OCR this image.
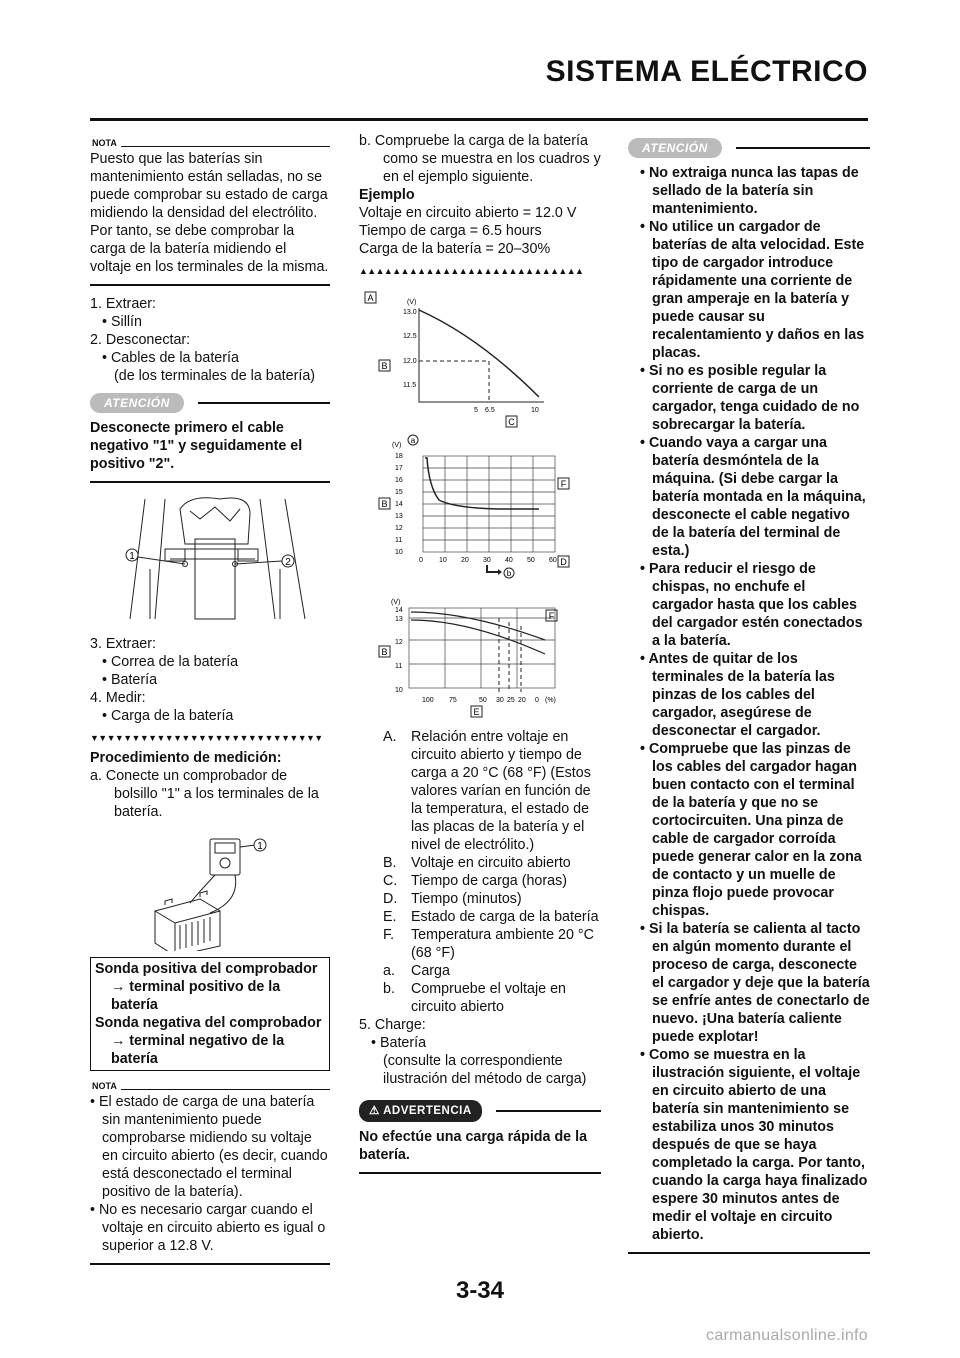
SISTEMA ELÉCTRICO
NOTA

Puesto que las baterías sin mantenimiento están selladas, no se puede comprobar su estado de carga midiendo la densidad del electrólito. Por tanto, se debe comprobar la carga de la batería midiendo el voltaje en los terminales de la misma.

1. Extraer:

• Sillín

2. Desconectar:

• Cables de la batería

(de los terminales de la batería)

ATENCIÓN

Desconecte primero el cable negativo "1" y seguidamente el positivo "2".

1
2

3. Extraer:

• Correa de la batería

• Batería

4. Medir:

• Carga de la batería

▼▼▼▼▼▼▼▼▼▼▼▼▼▼▼▼▼▼▼▼▼▼▼▼▼▼▼▼

Procedimiento de medición:

a. Conecte un comprobador de bolsillo "1" a los terminales de la batería.

1

Sonda positiva del comprobador

→ terminal positivo de la batería

Sonda negativa del comprobador

→ terminal negativo de la batería

NOTA

• El estado de carga de una batería sin mantenimiento puede comprobarse midiendo su voltaje en circuito abierto (es decir, cuando está desconectado el terminal positivo de la batería).

• No es necesario cargar cuando el voltaje en circuito abierto es igual o superior a 12.8 V.

b. Compruebe la carga de la batería como se muestra en los cuadros y en el ejemplo siguiente.

Ejemplo

Voltaje en circuito abierto = 12.0 V

Tiempo de carga = 6.5 hours

Carga de la batería = 20–30%

▲▲▲▲▲▲▲▲▲▲▲▲▲▲▲▲▲▲▲▲▲▲▲▲▲▲▲
A
B
(V)
13.0
12.5
12.0
11.5
5 6.5	10
C
(V)
a
18
17
16
15
14
13
12
11
10
B
0 10 20 30 40 50 60
F
D
b
(V)
14
13
12
11
10
B
F
100 75	50 30 25 20 0 (%)
E
A.	Relación entre voltaje en circuito abierto y tiempo de carga a 20 °C (68 °F) (Estos valores varían en función de la temperatura, el estado de las placas de la batería y el nivel de electrólito.)
B.	Voltaje en circuito abierto
C. Tiempo de carga (horas)
D. Tiempo (minutos)
E.	Estado de carga de la batería
F.	Temperatura ambiente 20 °C (68 °F)
a.	Carga
b.	Compruebe el voltaje en circuito abierto

5. Charge:

• Batería

(consulte la correspondiente ilustración del método de carga)

⚠ ADVERTENCIA

No efectúe una carga rápida de la batería.

ATENCIÓN

• No extraiga nunca las tapas de sellado de la batería sin mantenimiento.

• No utilice un cargador de baterías de alta velocidad. Este tipo de cargador introduce rápidamente una corriente de gran amperaje en la batería y puede causar su recalentamiento y daños en las placas.

• Si no es posible regular la corriente de carga de un cargador, tenga cuidado de no sobrecargar la batería.

• Cuando vaya a cargar una batería desmóntela de la máquina. (Si debe cargar la batería montada en la máquina, desconecte el cable negativo de la batería del terminal de esta.)

• Para reducir el riesgo de chispas, no enchufe el cargador hasta que los cables del cargador estén conectados a la batería.

• Antes de quitar de los terminales de la batería las pinzas de los cables del cargador, asegúrese de desconectar el cargador.

• Compruebe que las pinzas de los cables del cargador hagan buen contacto con el terminal de la batería y que no se cortocircuiten. Una pinza de cable de cargador corroída puede generar calor en la zona de contacto y un muelle de pinza flojo puede provocar chispas.

• Si la batería se calienta al tacto en algún momento durante el proceso de carga, desconecte el cargador y deje que la batería se enfríe antes de conectarlo de nuevo. ¡Una batería caliente puede explotar!

• Como se muestra en la ilustración siguiente, el voltaje en circuito abierto de una batería sin mantenimiento se estabiliza unos 30 minutos después de que se haya completado la carga. Por tanto, cuando la carga haya finalizado espere 30 minutos antes de medir el voltaje en circuito abierto.

3-34
carmanualsonline.info
